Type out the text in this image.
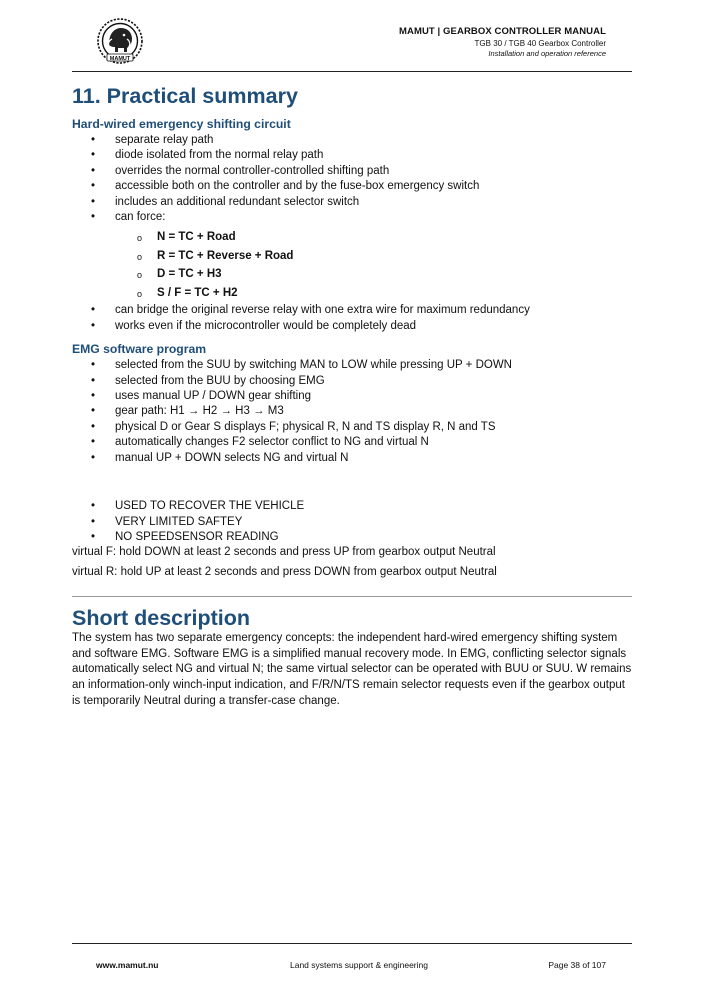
MAMUT
MAMUT | GEARBOX CONTROLLER MANUAL
TGB 30 / TGB 40 Gearbox Controller
Installation and operation reference
11. Practical summary
Hard-wired emergency shifting circuit
• separate relay path
• diode isolated from the normal relay path
• overrides the normal controller-controlled shifting path
• accessible both on the controller and by the fuse-box emergency switch
• includes an additional redundant selector switch
• can force:
o N = TC + Road
o R = TC + Reverse + Road
o D = TC + H3
o S / F = TC + H2
• can bridge the original reverse relay with one extra wire for maximum redundancy
• works even if the microcontroller would be completely dead
EMG software program
• selected from the SUU by switching MAN to LOW while pressing UP + DOWN
• selected from the BUU by choosing EMG
• uses manual UP / DOWN gear shifting
• gear path: H1 → H2 → H3 → M3
• physical D or Gear S displays F; physical R, N and TS display R, N and TS
• automatically changes F2 selector conflict to NG and virtual N
• manual UP + DOWN selects NG and virtual N
• USED TO RECOVER THE VEHICLE
• VERY LIMITED SAFTEY
• NO SPEEDSENSOR READING

virtual F: hold DOWN at least 2 seconds and press UP from gearbox output Neutral

virtual R: hold UP at least 2 seconds and press DOWN from gearbox output Neutral

Short description

The system has two separate emergency concepts: the independent hard-wired emergency shifting system and software EMG. Software EMG is a simplified manual recovery mode. In EMG, conflicting selector signals automatically select NG and virtual N; the same virtual selector can be operated with BUU or SUU. W remains an information-only winch-input indication, and F/R/N/TS remain selector requests even if the gearbox output is temporarily Neutral during a transfer-case change.

www.mamut.nu	Land systems support & engineering	Page 38 of 107
